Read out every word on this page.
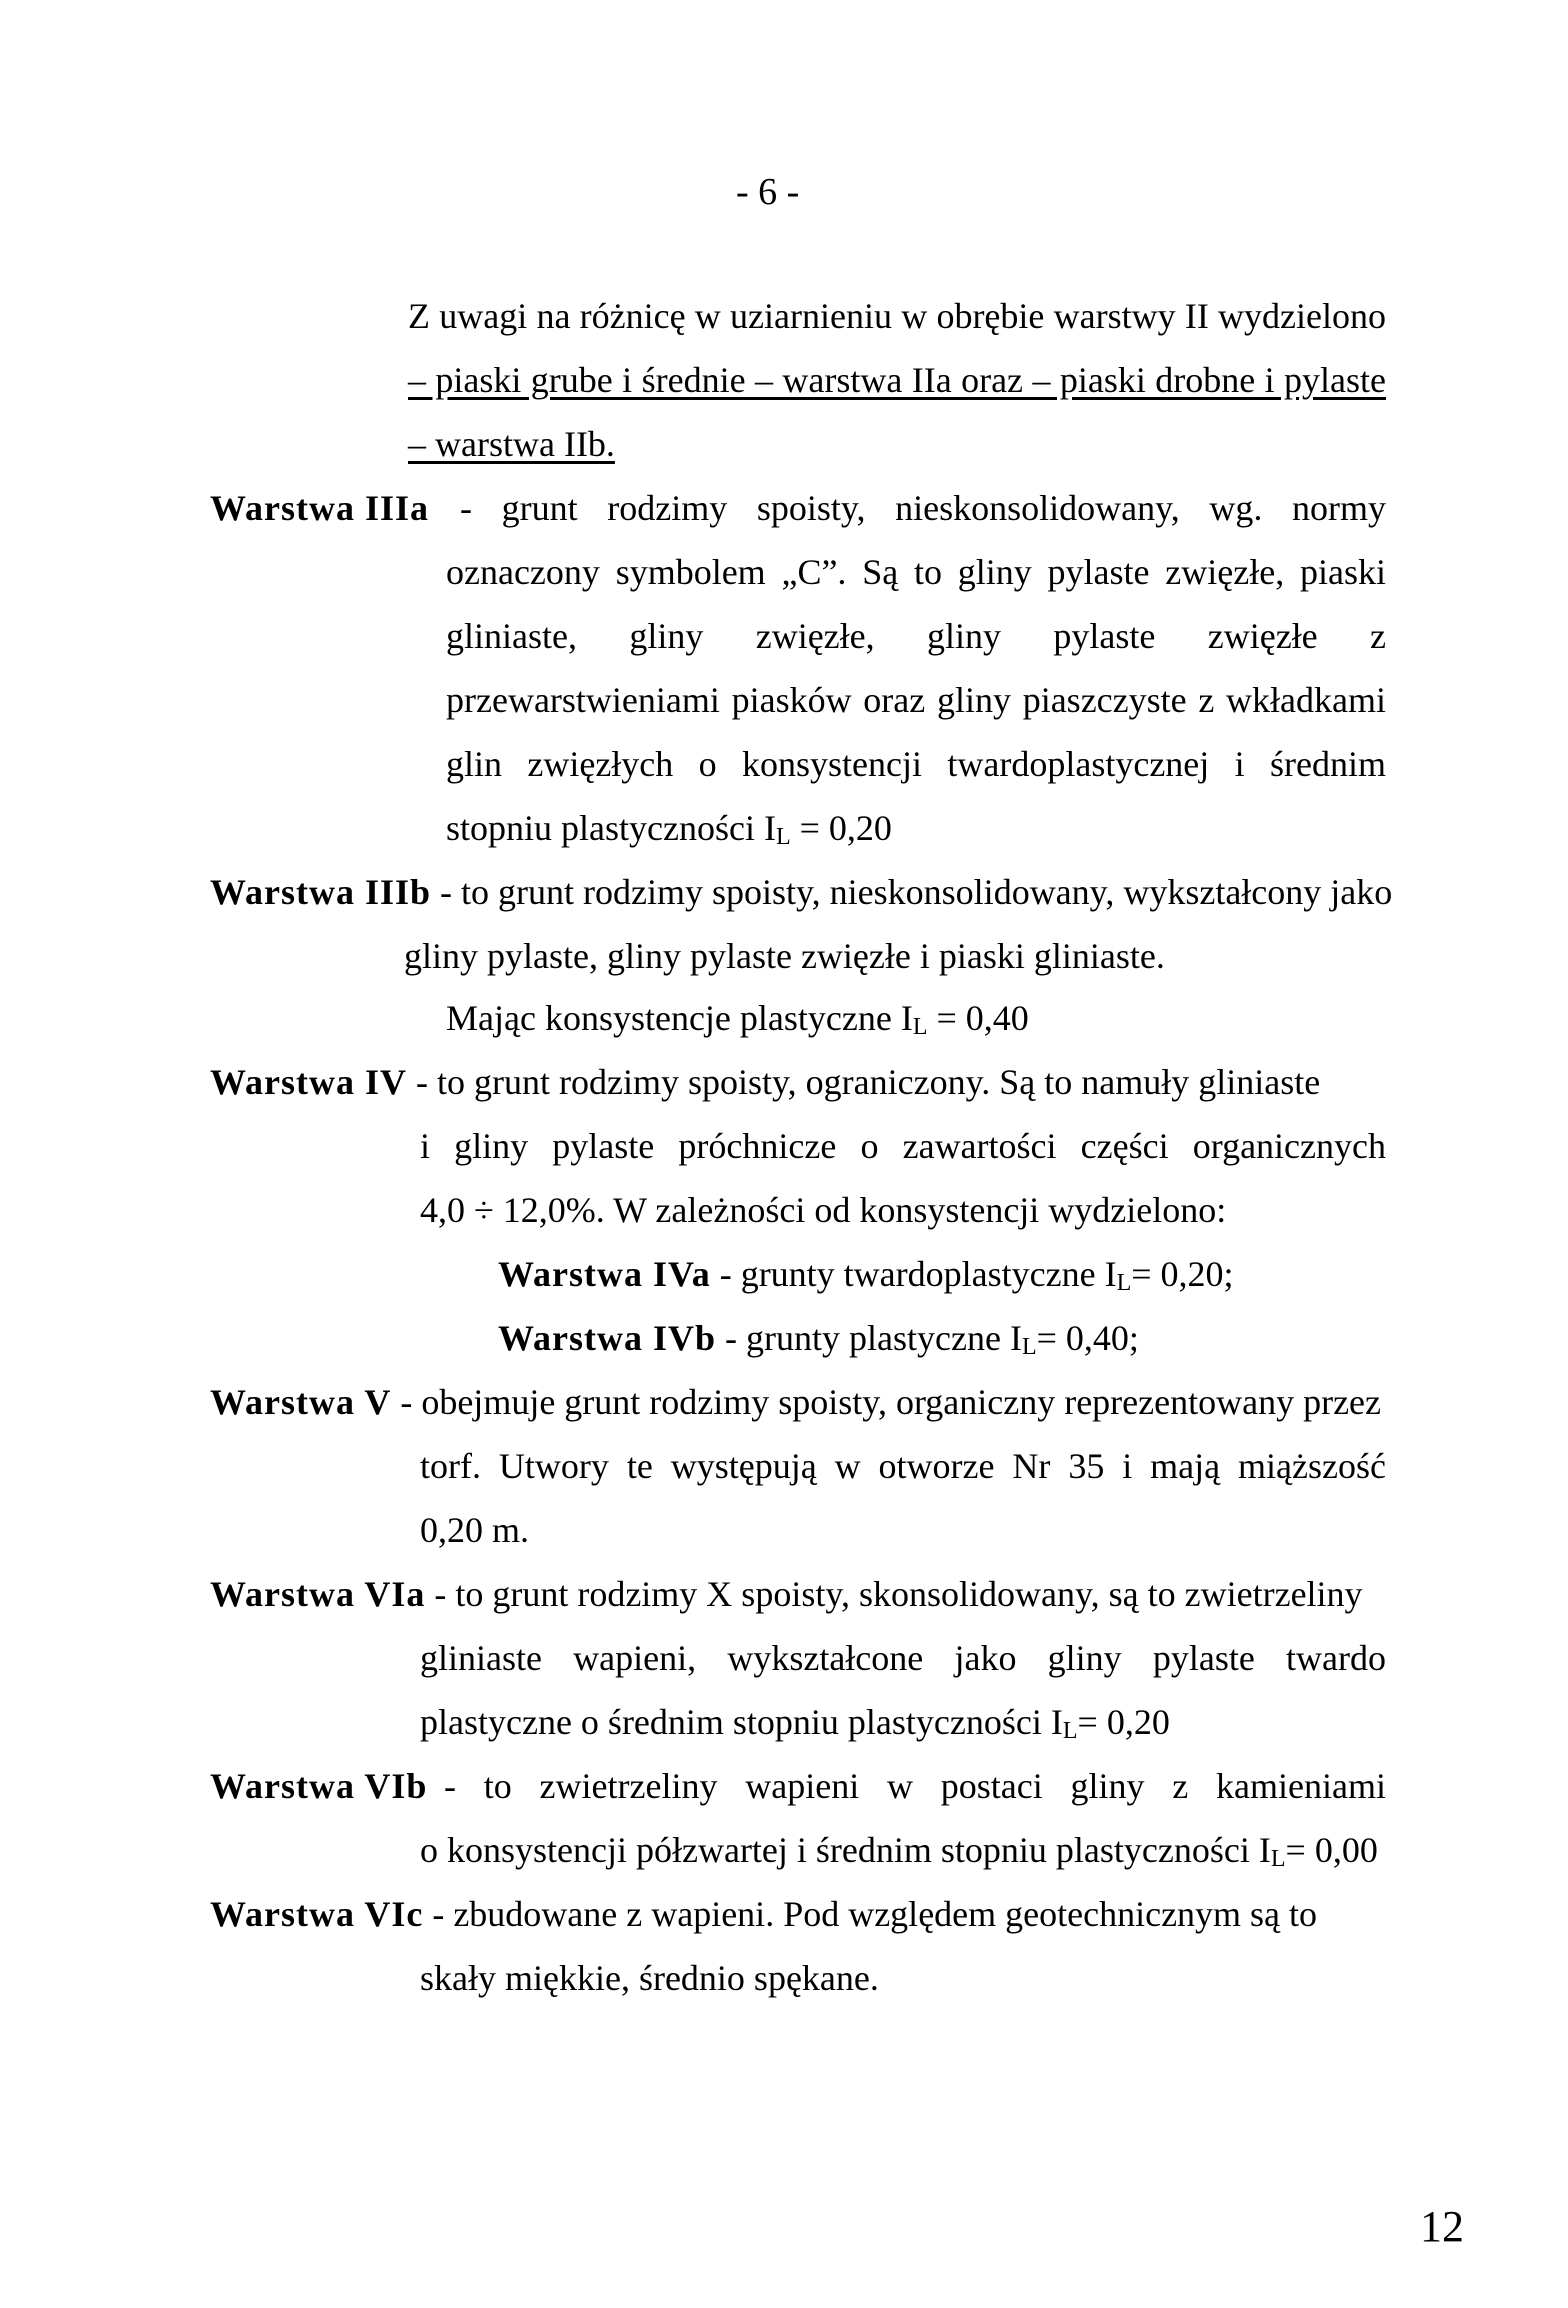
- 6 -
Z uwagi na różnicę w uziarnieniu w obrębie warstwy II wydzielono
– piaski grube i średnie – warstwa IIa oraz – piaski drobne i pylaste
– warstwa IIb.
Warstwa IIIa - grunt rodzimy spoisty, nieskonsolidowany, wg. normy
oznaczony symbolem „C”. Są to gliny pylaste zwięzłe, piaski
gliniaste, gliny zwięzłe, gliny pylaste zwięzłe z
przewarstwieniami piasków oraz gliny piaszczyste z wkładkami
glin zwięzłych o konsystencji twardoplastycznej i średnim
stopniu plastyczności $I_L = 0,20$
Warstwa IIIb - to grunt rodzimy spoisty, nieskonsolidowany, wykształcony jako
gliny pylaste, gliny pylaste zwięzłe i piaski gliniaste.
Mając konsystencje plastyczne $I_L = 0,40$
Warstwa IV - to grunt rodzimy spoisty, ograniczony. Są to namuły gliniaste
i gliny pylaste próchnicze o zawartości części organicznych
4,0 ÷ 12,0%. W zależności od konsystencji wydzielono:
Warstwa IVa - grunty twardoplastyczne $I_L= 0,20$;
Warstwa IVb - grunty plastyczne $I_L= 0,40$;
Warstwa V - obejmuje grunt rodzimy spoisty, organiczny reprezentowany przez
torf. Utwory te występują w otworze Nr 35 i mają miąższość
0,20 m.
Warstwa VIa - to grunt rodzimy X spoisty, skonsolidowany, są to zwietrzeliny
gliniaste wapieni, wykształcone jako gliny pylaste twardo
plastyczne o średnim stopniu plastyczności $I_L= 0,20$
Warstwa VIb - to zwietrzeliny wapieni w postaci gliny z kamieniami
o konsystencji półzwartej i średnim stopniu plastyczności $I_L= 0,00$
Warstwa VIc - zbudowane z wapieni. Pod względem geotechnicznym są to
skały miękkie, średnio spękane.
12
